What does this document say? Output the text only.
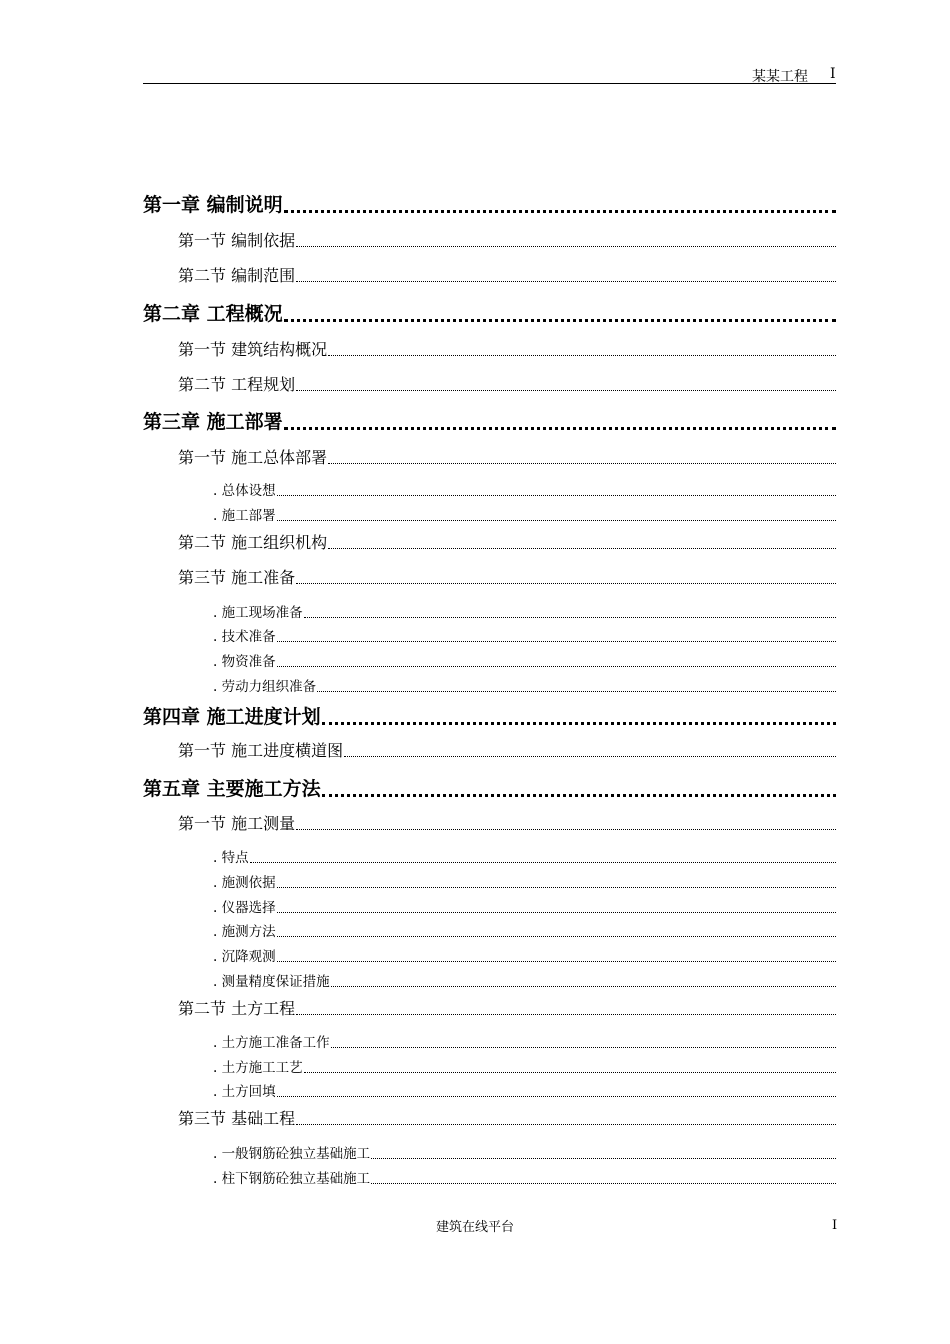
某某工程 I
第一章 编制说明
第一节 编制依据
第二节 编制范围
第二章 工程概况
第一节 建筑结构概况
第二节 工程规划
第三章 施工部署
第一节 施工总体部署
. 总体设想
. 施工部署
第二节 施工组织机构
第三节 施工准备
. 施工现场准备
. 技术准备
. 物资准备
. 劳动力组织准备
第四章 施工进度计划
第一节 施工进度横道图
第五章 主要施工方法
第一节 施工测量
. 特点
. 施测依据
. 仪器选择
. 施测方法
. 沉降观测
. 测量精度保证措施
第二节 土方工程
. 土方施工准备工作
. 土方施工工艺
. 土方回填
第三节 基础工程
. 一般钢筋砼独立基础施工
. 柱下钢筋砼独立基础施工
建筑在线平台	I
